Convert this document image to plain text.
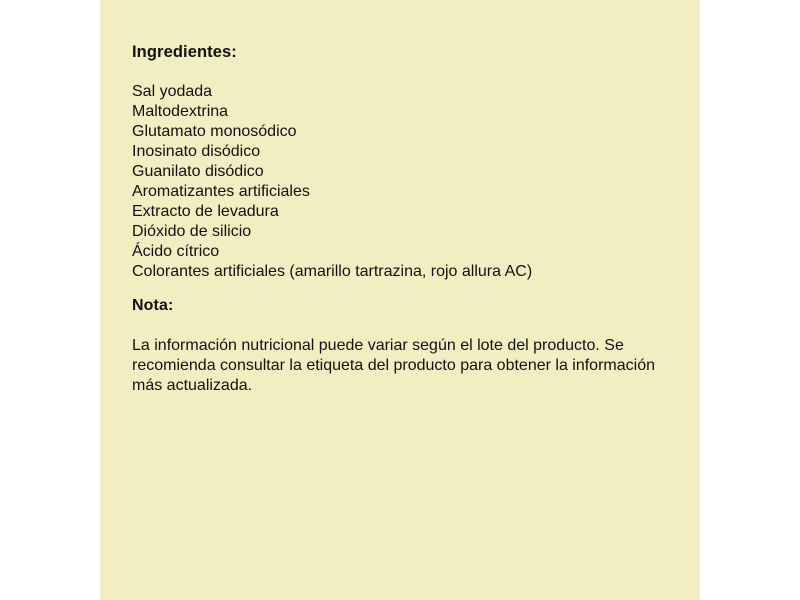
Ingredientes:
Sal yodada
Maltodextrina
Glutamato monosódico
Inosinato disódico
Guanilato disódico
Aromatizantes artificiales
Extracto de levadura
Dióxido de silicio
Ácido cítrico
Colorantes artificiales (amarillo tartrazina, rojo allura AC)
Nota:

La información nutricional puede variar según el lote del producto. Se recomienda consultar la etiqueta del producto para obtener la información más actualizada.
